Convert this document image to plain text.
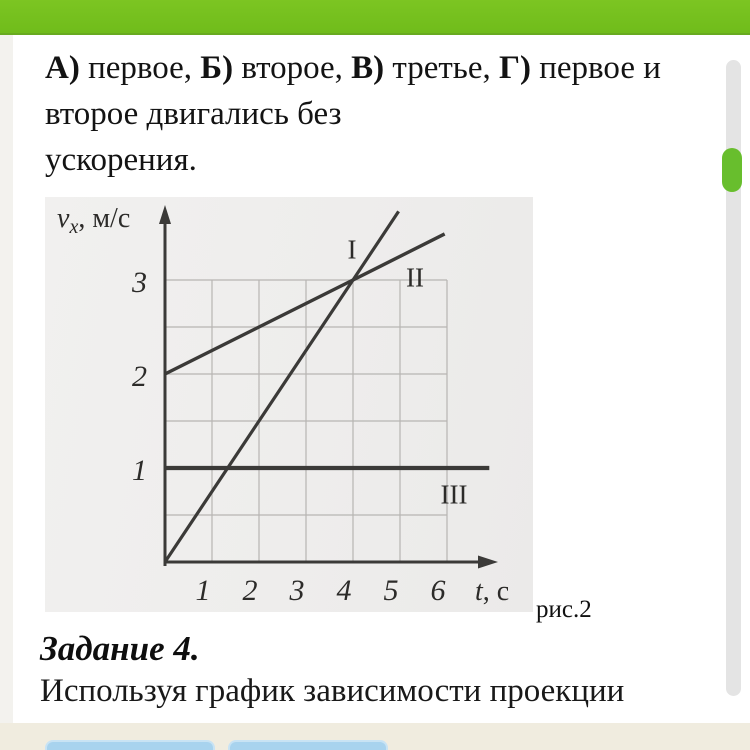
А) первое, Б) второе, В) третье, Г) первое и
второе двигались без
ускорения.
I
II
III
1
2
3
1 2 3 4 5 6 t, с
$v_x$, м/с
рис.2
Задание 4.
Используя график зависимости проекции
